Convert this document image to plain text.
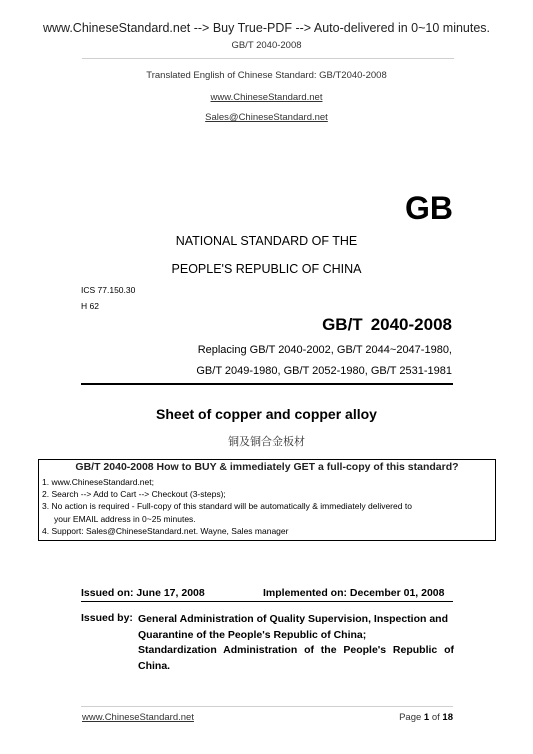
www.ChineseStandard.net --> Buy True-PDF --> Auto-delivered in 0~10 minutes.
GB/T 2040-2008
Translated English of Chinese Standard: GB/T2040-2008
www.ChineseStandard.net
Sales@ChineseStandard.net
GB
NATIONAL STANDARD OF THE
PEOPLE'S REPUBLIC OF CHINA
ICS 77.150.30
H 62
GB/T 2040-2008
Replacing GB/T 2040-2002, GB/T 2044~2047-1980,
GB/T 2049-1980, GB/T 2052-1980, GB/T 2531-1981
Sheet of copper and copper alloy
铜及铜合金板材
GB/T 2040-2008 How to BUY & immediately GET a full-copy of this standard?
1. www.ChineseStandard.net;
2. Search --> Add to Cart --> Checkout (3-steps);
3. No action is required - Full-copy of this standard will be automatically & immediately delivered to
your EMAIL address in 0~25 minutes.
4. Support: Sales@ChineseStandard.net. Wayne, Sales manager
Issued on: June 17, 2008	Implemented on: December 01, 2008
Issued by: General Administration of Quality Supervision, Inspection and Quarantine of the People's Republic of China;
Standardization Administration of the People's Republic of China.
www.ChineseStandard.net	Page 1 of 18
